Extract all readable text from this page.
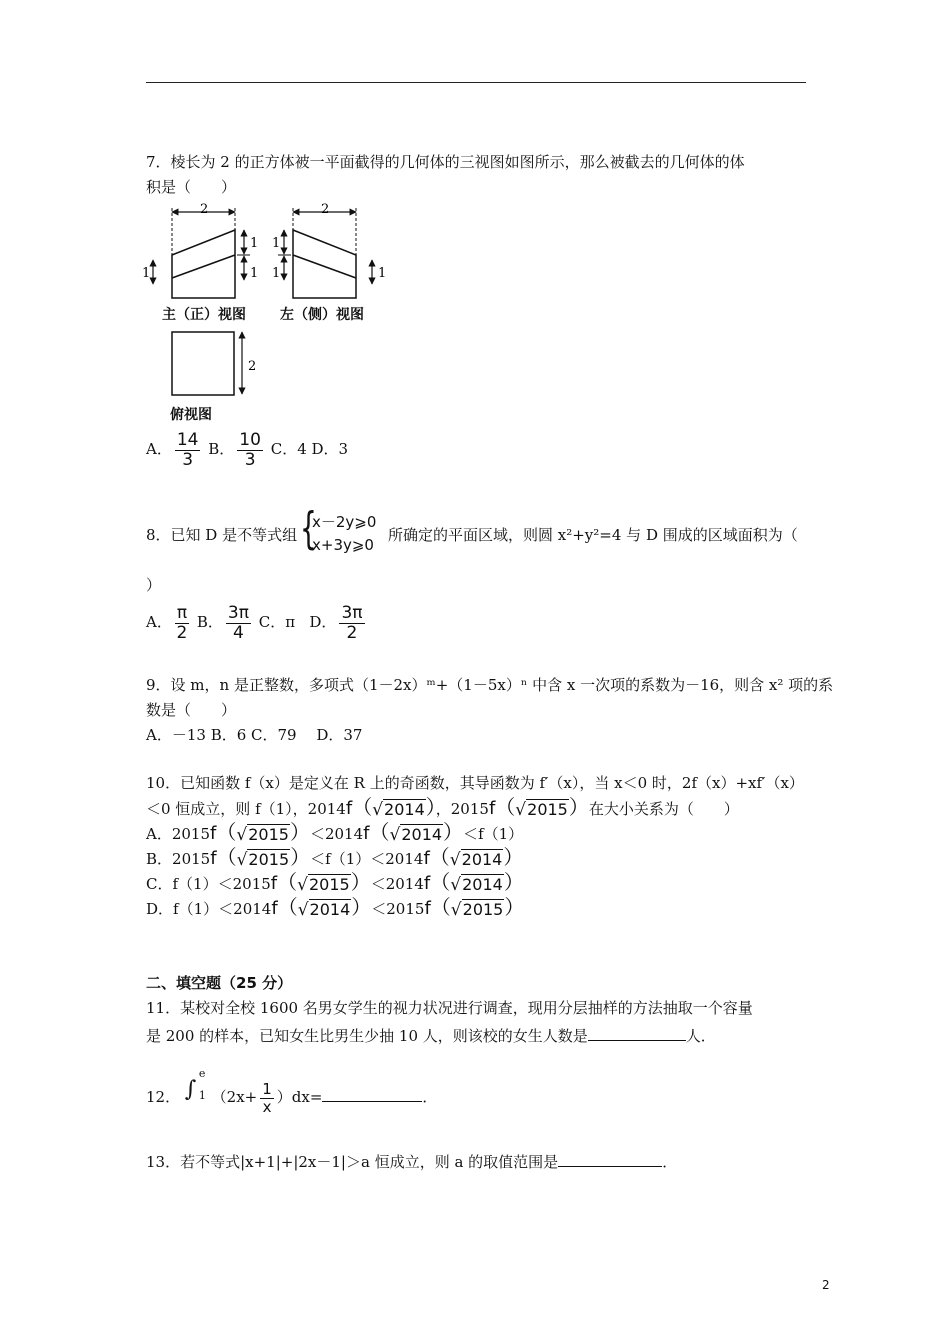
7．棱长为 2 的正方体被一平面截得的几何体的三视图如图所示，那么被截去的几何体的体
积是（　　）
2
1
1
1
2
1
1	1
2
主（正）视图 左（侧）视图
俯视图
A． $\frac{14}{3}$ B． $\frac{10}{3}$ C．4 D．3
8．已知 D 是不等式组 {
x－2y⩾0
x+3y⩾0
所确定的平面区域，则圆 x²+y²=4 与 D 围成的区域面积为（
）
A． $\frac{\pi}{2}$ B． $\frac{3\pi}{4}$ C．π D． $\frac{3\pi}{2}$
9．设 m，n 是正整数，多项式（1－2x）ᵐ+（1－5x）ⁿ 中含 x 一次项的系数为－16，则含 x² 项的系
数是（　　）
A．－13 B．6 C．79　 D．37
10．已知函数 f（x）是定义在 R 上的奇函数，其导函数为 f′（x），当 x＜0 时，2f（x）+xf′（x）
＜0 恒成立，则 f（1），2014f（√2014），2015f（√2015）在大小关系为（　　）
A．2015f（√2015）＜2014f（√2014）＜f（1）
B．2015f（√2015）＜f（1）＜2014f（√2014）
C．f（1）＜2015f（√2015）＜2014f（√2014）
D．f（1）＜2014f（√2014）＜2015f（√2015）
二、填空题（25 分）
11．某校对全校 1600 名男女学生的视力状况进行调查，现用分层抽样的方法抽取一个容量
是 200 的样本，已知女生比男生少抽 10 人，则该校的女生人数是	人．
12． ∫
e
1 $(2x+ \frac{1}{x} )dx=$	．
13．若不等式|x+1|+|2x－1|＞a 恒成立，则 a 的取值范围是	．
2
